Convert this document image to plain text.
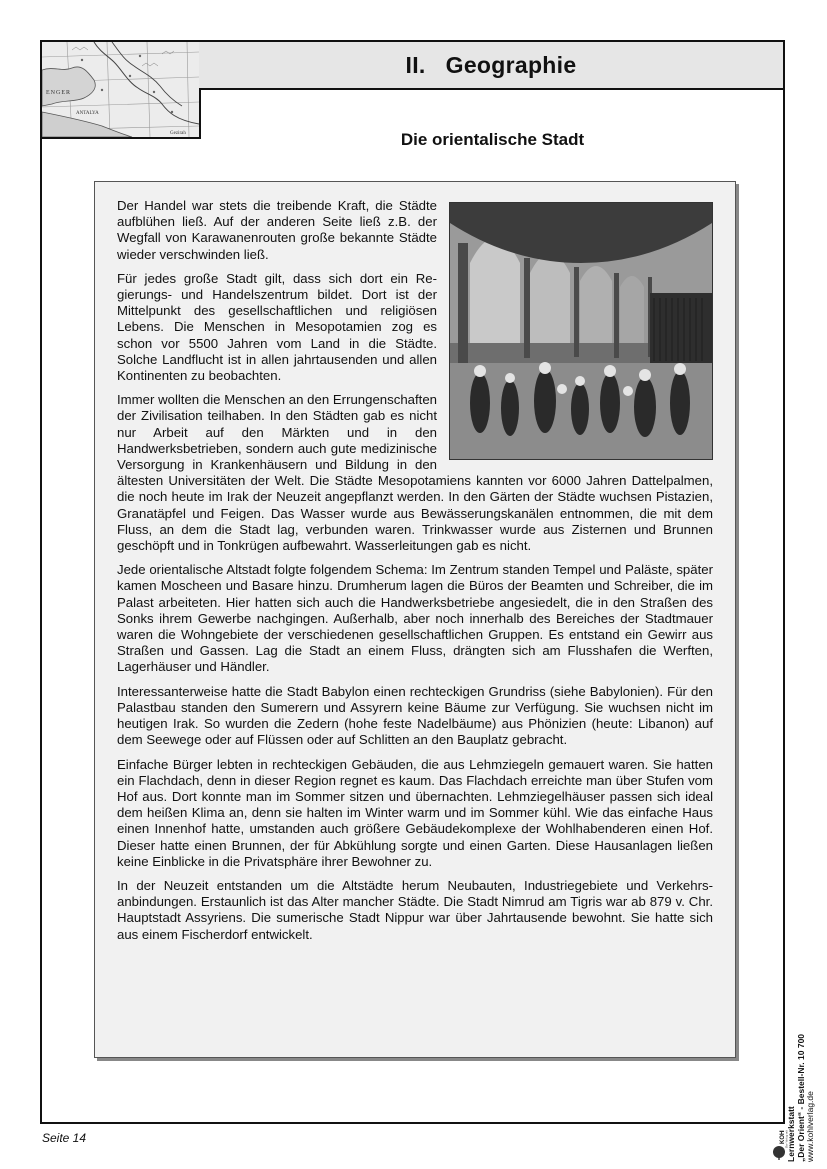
ENGER
ANTALYA
Gezirah
II. Geographie
Die orientalische Stadt

Der Handel war stets die treibende Kraft, die Städte aufblühen ließ. Auf der anderen Seite ließ z.B. der Wegfall von Karawanenrouten große bekannte Städte wieder verschwinden ließ.

Für jedes große Stadt gilt, dass sich dort ein Regierungs- und Handelszentrum bildet. Dort ist der Mittelpunkt des gesellschaftlichen und religiösen Lebens. Die Menschen in Mesopotamien zog es schon vor 5500 Jahren vom Land in die Städte. Solche Landflucht ist in allen jahrtausenden und allen Kontinenten zu beobachten.

Immer wollten die Menschen an den Errungenschaften der Zivilisation teilhaben. In den Städten gab es nicht nur Arbeit auf den Märkten und in den Handwerksbetrieben, sondern auch gute medizinische Versorgung in Krankenhäusern und Bildung in den ältesten Universitäten der Welt. Die Städte Mesopotamiens kannten vor 6000 Jahren Dattelpalmen, die noch heute im Irak der Neuzeit angepflanzt werden. In den Gärten der Städte wuchsen Pistazien, Granatäpfel und Feigen. Das Wasser wurde aus Bewässerungskanälen entnommen, die mit dem Fluss, an dem die Stadt lag, verbunden waren. Trinkwasser wurde aus Zisternen und Brunnen geschöpft und in Tonkrügen aufbewahrt. Wasserleitungen gab es nicht.

Jede orientalische Altstadt folgte folgendem Schema: Im Zentrum standen Tempel und Paläste, später kamen Moscheen und Basare hinzu. Drumherum lagen die Büros der Beamten und Schreiber, die im Palast arbeiteten. Hier hatten sich auch die Handwerksbetriebe angesiedelt, die in den Straßen des Sonks ihrem Gewerbe nachgingen. Außerhalb, aber noch innerhalb des Bereiches der Stadtmauer waren die Wohngebiete der verschiedenen gesellschaftlichen Gruppen. Es entstand ein Gewirr aus Straßen und Gassen. Lag die Stadt an einem Fluss, drängten sich am Flusshafen die Werften, Lagerhäuser und Händler.

Interessanterweise hatte die Stadt Babylon einen rechteckigen Grundriss (siehe Babylonien). Für den Palastbau standen den Sumerern und Assyrern keine Bäume zur Verfügung. Sie wuchsen nicht im heutigen Irak. So wurden die Zedern (hohe feste Nadelbäume) aus Phönizien (heute: Libanon) auf dem Seewege oder auf Flüssen oder auf Schlitten an den Bauplatz gebracht.

Einfache Bürger lebten in rechteckigen Gebäuden, die aus Lehmziegeln gemauert waren. Sie hatten ein Flachdach, denn in dieser Region regnet es kaum. Das Flachdach erreichte man über Stufen vom Hof aus. Dort konnte man im Sommer sitzen und übernachten. Lehmziegelhäuser passen sich ideal dem heißen Klima an, denn sie halten im Winter warm und im Sommer kühl. Wie das einfache Haus einen Innenhof hatte, umstanden auch größere Gebäudekomplexe der Wohlhabenderen einen Hof. Dieser hatte einen Brunnen, der für Abkühlung sorgte und einen Garten. Diese Hausanlagen ließen keine Einblicke in die Privatsphäre ihrer Bewohner zu.

In der Neuzeit entstanden um die Altstädte herum Neubauten, Industriegebiete und Verkehrsanbindungen. Erstaunlich ist das Alter mancher Städte. Die Stadt Nimrud am Tigris war ab 879 v. Chr. Hauptstadt Assyriens. Die sumerische Stadt Nippur war über Jahrtausende bewohnt. Sie hatte sich aus einem Fischerdorf entwickelt.

Lernwerkstatt „Der Orient“ - Bestell-Nr. 10 700 www.kohlverlag.de
KOHL
Der Verlag mit
Seite 14
